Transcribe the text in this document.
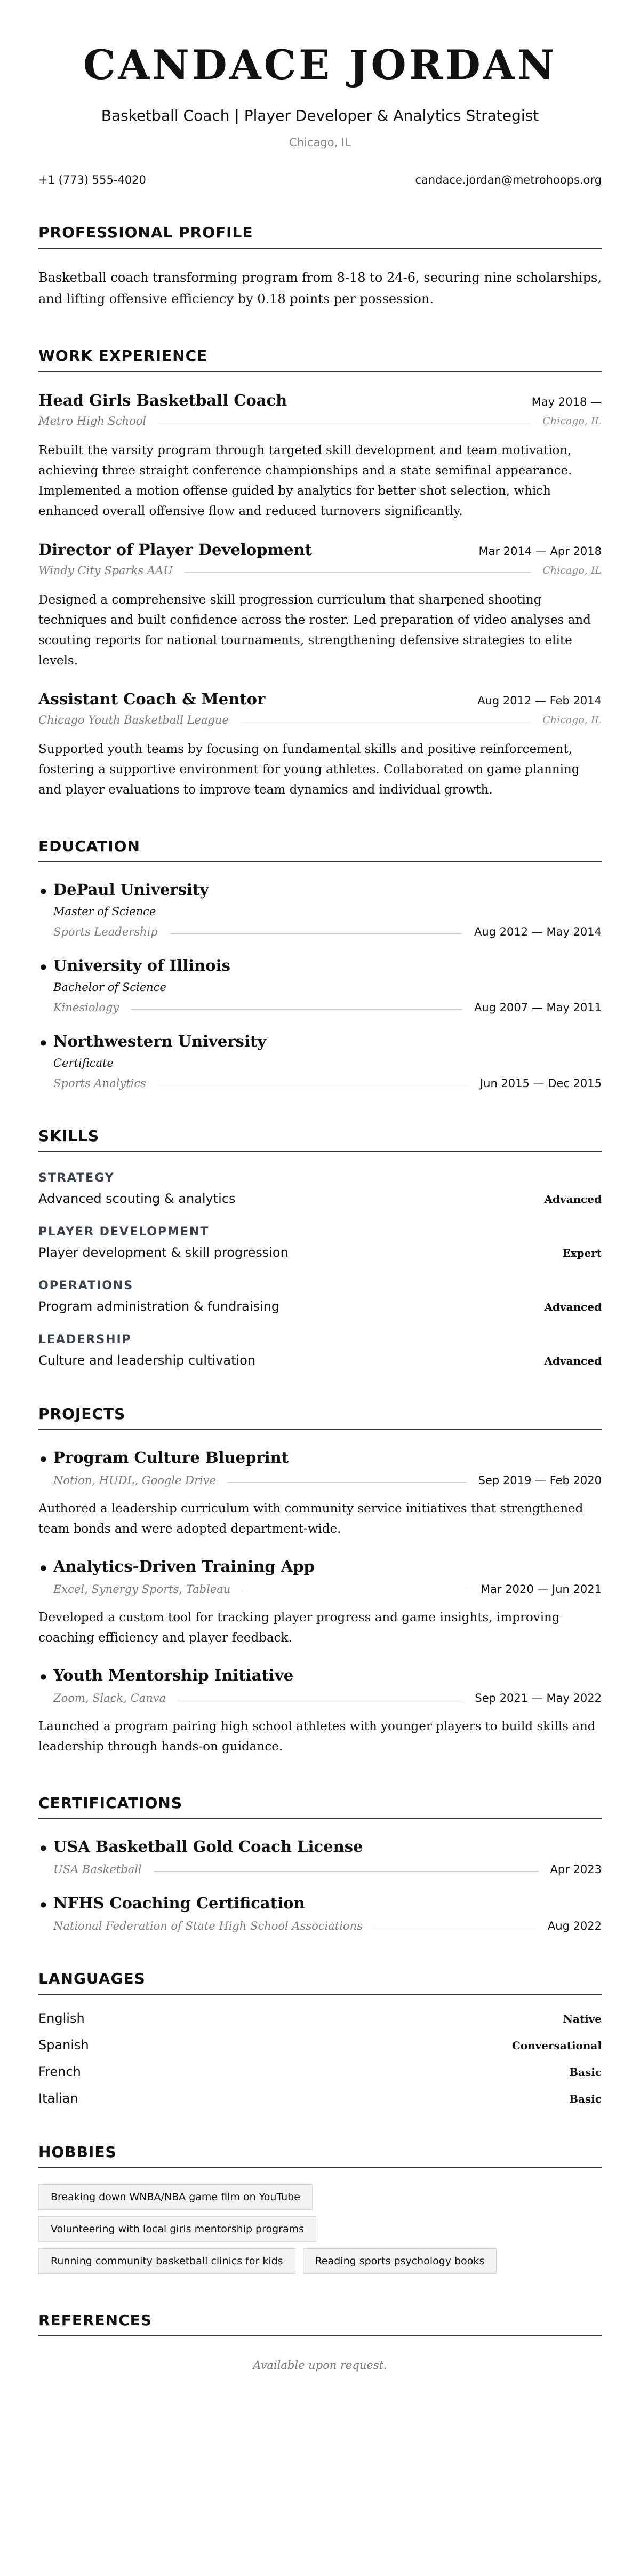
CANDACE JORDAN
Basketball Coach | Player Developer & Analytics Strategist
Chicago, IL
+1 (773) 555-4020	candace.jordan@metrohoops.org
PROFESSIONAL PROFILE
Basketball coach transforming program from 8-18 to 24-6, securing nine scholarships, and lifting offensive efficiency by 0.18 points per possession.
WORK EXPERIENCE
Head Girls Basketball Coach	May 2018 —
Metro High School	Chicago, IL
Rebuilt the varsity program through targeted skill development and team motivation, achieving three straight conference championships and a state semifinal appearance. Implemented a motion offense guided by analytics for better shot selection, which enhanced overall offensive flow and reduced turnovers significantly.
Director of Player Development	Mar 2014 — Apr 2018
Windy City Sparks AAU	Chicago, IL
Designed a comprehensive skill progression curriculum that sharpened shooting techniques and built confidence across the roster. Led preparation of video analyses and scouting reports for national tournaments, strengthening defensive strategies to elite levels.
Assistant Coach & Mentor	Aug 2012 — Feb 2014
Chicago Youth Basketball League	Chicago, IL
Supported youth teams by focusing on fundamental skills and positive reinforcement, fostering a supportive environment for young athletes. Collaborated on game planning and player evaluations to improve team dynamics and individual growth.
EDUCATION
• DePaul University
Master of Science
Sports Leadership	Aug 2012 — May 2014
• University of Illinois
Bachelor of Science
Kinesiology	Aug 2007 — May 2011
• Northwestern University
Certificate
Sports Analytics	Jun 2015 — Dec 2015
SKILLS
STRATEGY
Advanced scouting & analytics	Advanced
PLAYER DEVELOPMENT
Player development & skill progression	Expert
OPERATIONS
Program administration & fundraising	Advanced
LEADERSHIP
Culture and leadership cultivation	Advanced
PROJECTS
• Program Culture Blueprint
Notion, HUDL, Google Drive	Sep 2019 — Feb 2020
Authored a leadership curriculum with community service initiatives that strengthened team bonds and were adopted department-wide.
• Analytics-Driven Training App
Excel, Synergy Sports, Tableau	Mar 2020 — Jun 2021
Developed a custom tool for tracking player progress and game insights, improving coaching efficiency and player feedback.
• Youth Mentorship Initiative
Zoom, Slack, Canva	Sep 2021 — May 2022
Launched a program pairing high school athletes with younger players to build skills and leadership through hands-on guidance.
CERTIFICATIONS
• USA Basketball Gold Coach License
USA Basketball	Apr 2023
• NFHS Coaching Certification
National Federation of State High School Associations	Aug 2022
LANGUAGES
English	Native
Spanish	Conversational
French	Basic
Italian	Basic
HOBBIES
Breaking down WNBA/NBA game film on YouTube
Volunteering with local girls mentorship programs
Running community basketball clinics for kids	Reading sports psychology books
REFERENCES
Available upon request.
